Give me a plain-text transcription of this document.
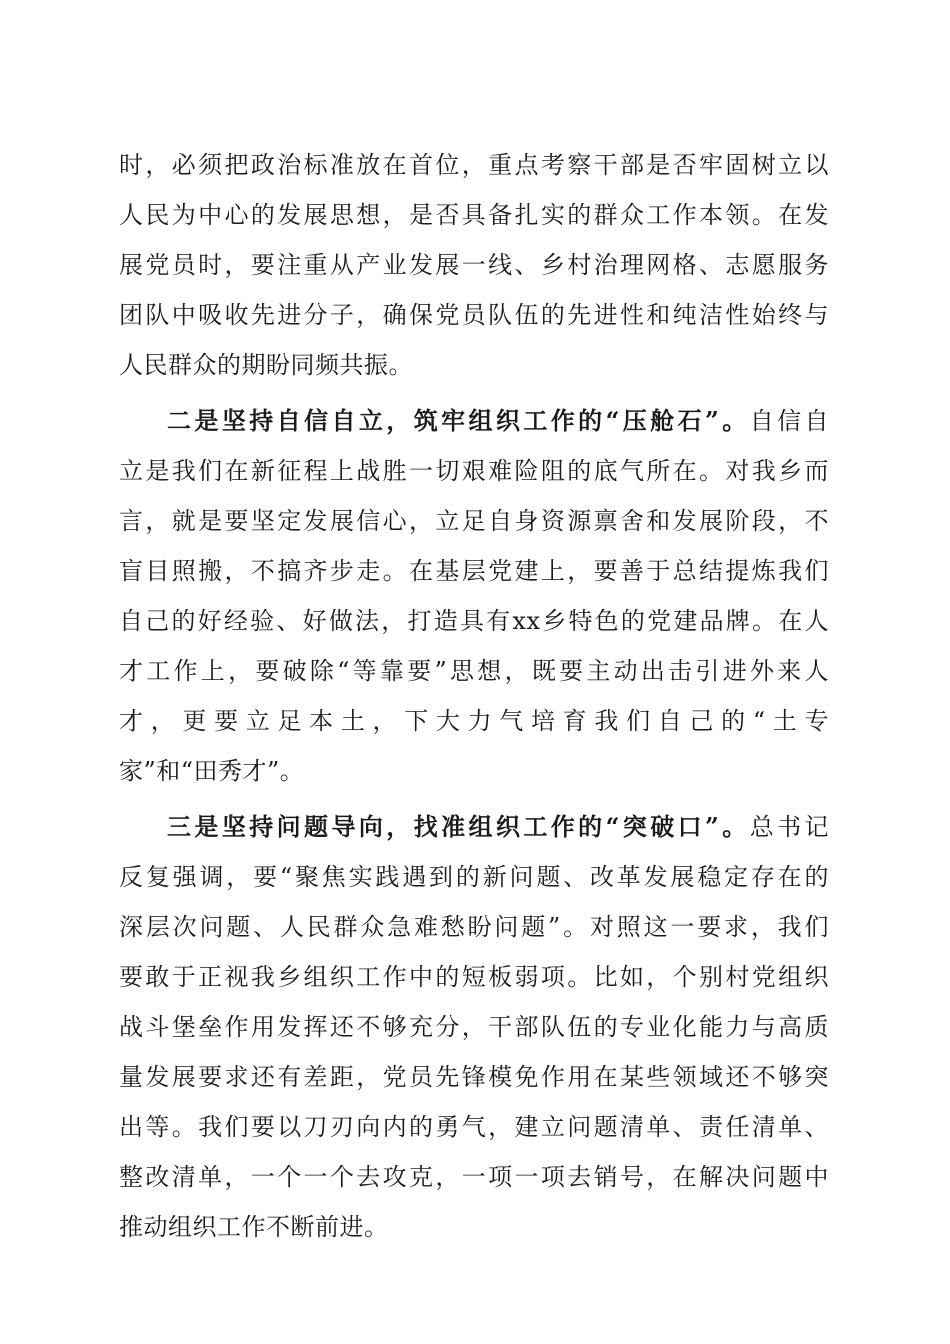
时，必须把政治标准放在首位，重点考察干部是否牢固树立以
人民为中心的发展思想，是否具备扎实的群众工作本领。在发
展党员时，要注重从产业发展一线、乡村治理网格、志愿服务
团队中吸收先进分子，确保党员队伍的先进性和纯洁性始终与
人民群众的期盼同频共振。
二是坚持自信自立，筑牢组织工作的“压舱石”。自信自
立是我们在新征程上战胜一切艰难险阻的底气所在。对我乡而
言，就是要坚定发展信心，立足自身资源禀舍和发展阶段，不
盲目照搬，不搞齐步走。在基层党建上，要善于总结提炼我们
自己的好经验、好做法，打造具有xx乡特色的党建品牌。在人
才工作上，要破除“等靠要”思想，既要主动出击引进外来人
才，更要立足本土，下大力气培育我们自己的“土专
家”和“田秀才”。
三是坚持问题导向，找准组织工作的“突破口”。总书记
反复强调，要“聚焦实践遇到的新问题、改革发展稳定存在的
深层次问题、人民群众急难愁盼问题”。对照这一要求，我们
要敢于正视我乡组织工作中的短板弱项。比如，个别村党组织
战斗堡垒作用发挥还不够充分，干部队伍的专业化能力与高质
量发展要求还有差距，党员先锋模免作用在某些领域还不够突
出等。我们要以刀刃向内的勇气，建立问题清单、责任清单、
整改清单，一个一个去攻克，一项一项去销号，在解决问题中
推动组织工作不断前进。
